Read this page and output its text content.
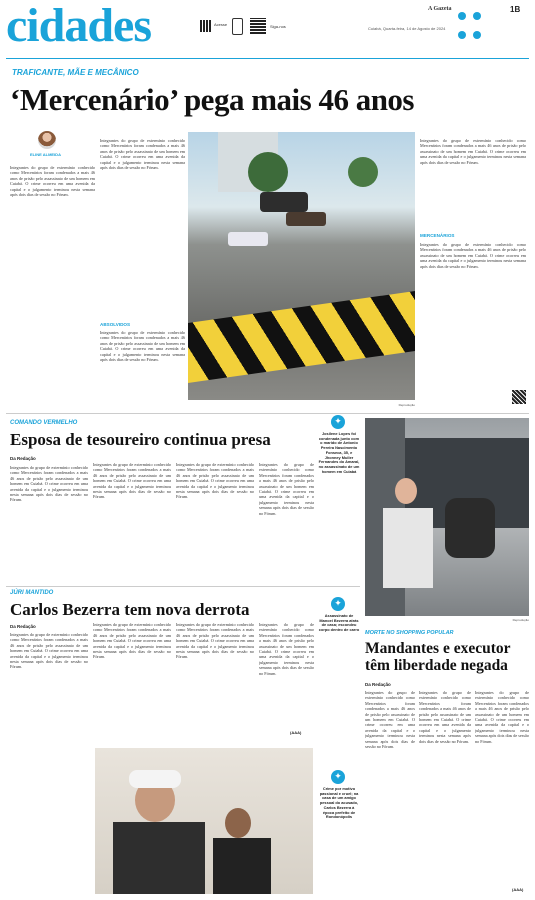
cidades	Acesse	Siga-nos
A Gazeta
	1B
Cuiabá, Quarta-feira, 14 de Agosto de 2024
TRAFICANTE, MÃE E MECÂNICO
‘Mercenário’ pega mais 46 anos
ELINE ALMEIDA
Integrantes do grupo de extermínio conhecido como Mercenários foram condenados a mais 46 anos de prisão pelo assassinato de um homem em Cuiabá. O crime ocorreu em uma avenida da capital e o julgamento terminou nesta semana após dois dias de sessão no Fórum.
Integrantes do grupo de extermínio conhecido como Mercenários foram condenados a mais 46 anos de prisão pelo assassinato de um homem em Cuiabá. O crime ocorreu em uma avenida da capital e o julgamento terminou nesta semana após dois dias de sessão no Fórum.
ABSOLVIDOS
Integrantes do grupo de extermínio conhecido como Mercenários foram condenados a mais 46 anos de prisão pelo assassinato de um homem em Cuiabá. O crime ocorreu em uma avenida da capital e o julgamento terminou nesta semana após dois dias de sessão no Fórum.
Reprodução
Integrantes do grupo de extermínio conhecido como Mercenários foram condenados a mais 46 anos de prisão pelo assassinato de um homem em Cuiabá. O crime ocorreu em uma avenida da capital e o julgamento terminou nesta semana após dois dias de sessão no Fórum.
MERCENÁRIOS
Integrantes do grupo de extermínio conhecido como Mercenários foram condenados a mais 46 anos de prisão pelo assassinato de um homem em Cuiabá. O crime ocorreu em uma avenida da capital e o julgamento terminou nesta semana após dois dias de sessão no Fórum.
COMANDO VERMELHO
Esposa de tesoureiro continua presa
Da Redação
Integrantes do grupo de extermínio conhecido como Mercenários foram condenados a mais 46 anos de prisão pelo assassinato de um homem em Cuiabá. O crime ocorreu em uma avenida da capital e o julgamento terminou nesta semana após dois dias de sessão no Fórum.
Integrantes do grupo de extermínio conhecido como Mercenários foram condenados a mais 46 anos de prisão pelo assassinato de um homem em Cuiabá. O crime ocorreu em uma avenida da capital e o julgamento terminou nesta semana após dois dias de sessão no Fórum.
Integrantes do grupo de extermínio conhecido como Mercenários foram condenados a mais 46 anos de prisão pelo assassinato de um homem em Cuiabá. O crime ocorreu em uma avenida da capital e o julgamento terminou nesta semana após dois dias de sessão no Fórum.
Integrantes do grupo de extermínio conhecido como Mercenários foram condenados a mais 46 anos de prisão pelo assassinato de um homem em Cuiabá. O crime ocorreu em uma avenida da capital e o julgamento terminou nesta semana após dois dias de sessão no Fórum.
✦
Josilene Lopes foi condenada junto com o marido de Antonio Pereira Nascimento Fonseca, 35, e Jhonney Muller Fernandes do Amaral, no assassinato de um homem em Cuiabá
Reprodução
JÚRI MANTIDO
Carlos Bezerra tem nova derrota
Da Redação
Integrantes do grupo de extermínio conhecido como Mercenários foram condenados a mais 46 anos de prisão pelo assassinato de um homem em Cuiabá. O crime ocorreu em uma avenida da capital e o julgamento terminou nesta semana após dois dias de sessão no Fórum.
Integrantes do grupo de extermínio conhecido como Mercenários foram condenados a mais 46 anos de prisão pelo assassinato de um homem em Cuiabá. O crime ocorreu em uma avenida da capital e o julgamento terminou nesta semana após dois dias de sessão no Fórum.
Integrantes do grupo de extermínio conhecido como Mercenários foram condenados a mais 46 anos de prisão pelo assassinato de um homem em Cuiabá. O crime ocorreu em uma avenida da capital e o julgamento terminou nesta semana após dois dias de sessão no Fórum.
Integrantes do grupo de extermínio conhecido como Mercenários foram condenados a mais 46 anos de prisão pelo assassinato de um homem em Cuiabá. O crime ocorreu em uma avenida da capital e o julgamento terminou nesta semana após dois dias de sessão no Fórum.
(AAA)
✦
Assassinato de Manoel Bezerra atrás de casa; escondeu corpo dentro de carro
✦
Crime por motivo passional e cruel; na casa de um amigo pessoal do acusado, Carlos Bezerra à época prefeito de Rondonópolis
MORTE NO SHOPPING POPULAR
Mandantes e executor têm liberdade negada
Da Redação
Integrantes do grupo de extermínio conhecido como Mercenários foram condenados a mais 46 anos de prisão pelo assassinato de um homem em Cuiabá. O crime ocorreu em uma avenida da capital e o julgamento terminou nesta semana após dois dias de sessão no Fórum.
Integrantes do grupo de extermínio conhecido como Mercenários foram condenados a mais 46 anos de prisão pelo assassinato de um homem em Cuiabá. O crime ocorreu em uma avenida da capital e o julgamento terminou nesta semana após dois dias de sessão no Fórum.
Integrantes do grupo de extermínio conhecido como Mercenários foram condenados a mais 46 anos de prisão pelo assassinato de um homem em Cuiabá. O crime ocorreu em uma avenida da capital e o julgamento terminou nesta semana após dois dias de sessão no Fórum.
(AAA)
